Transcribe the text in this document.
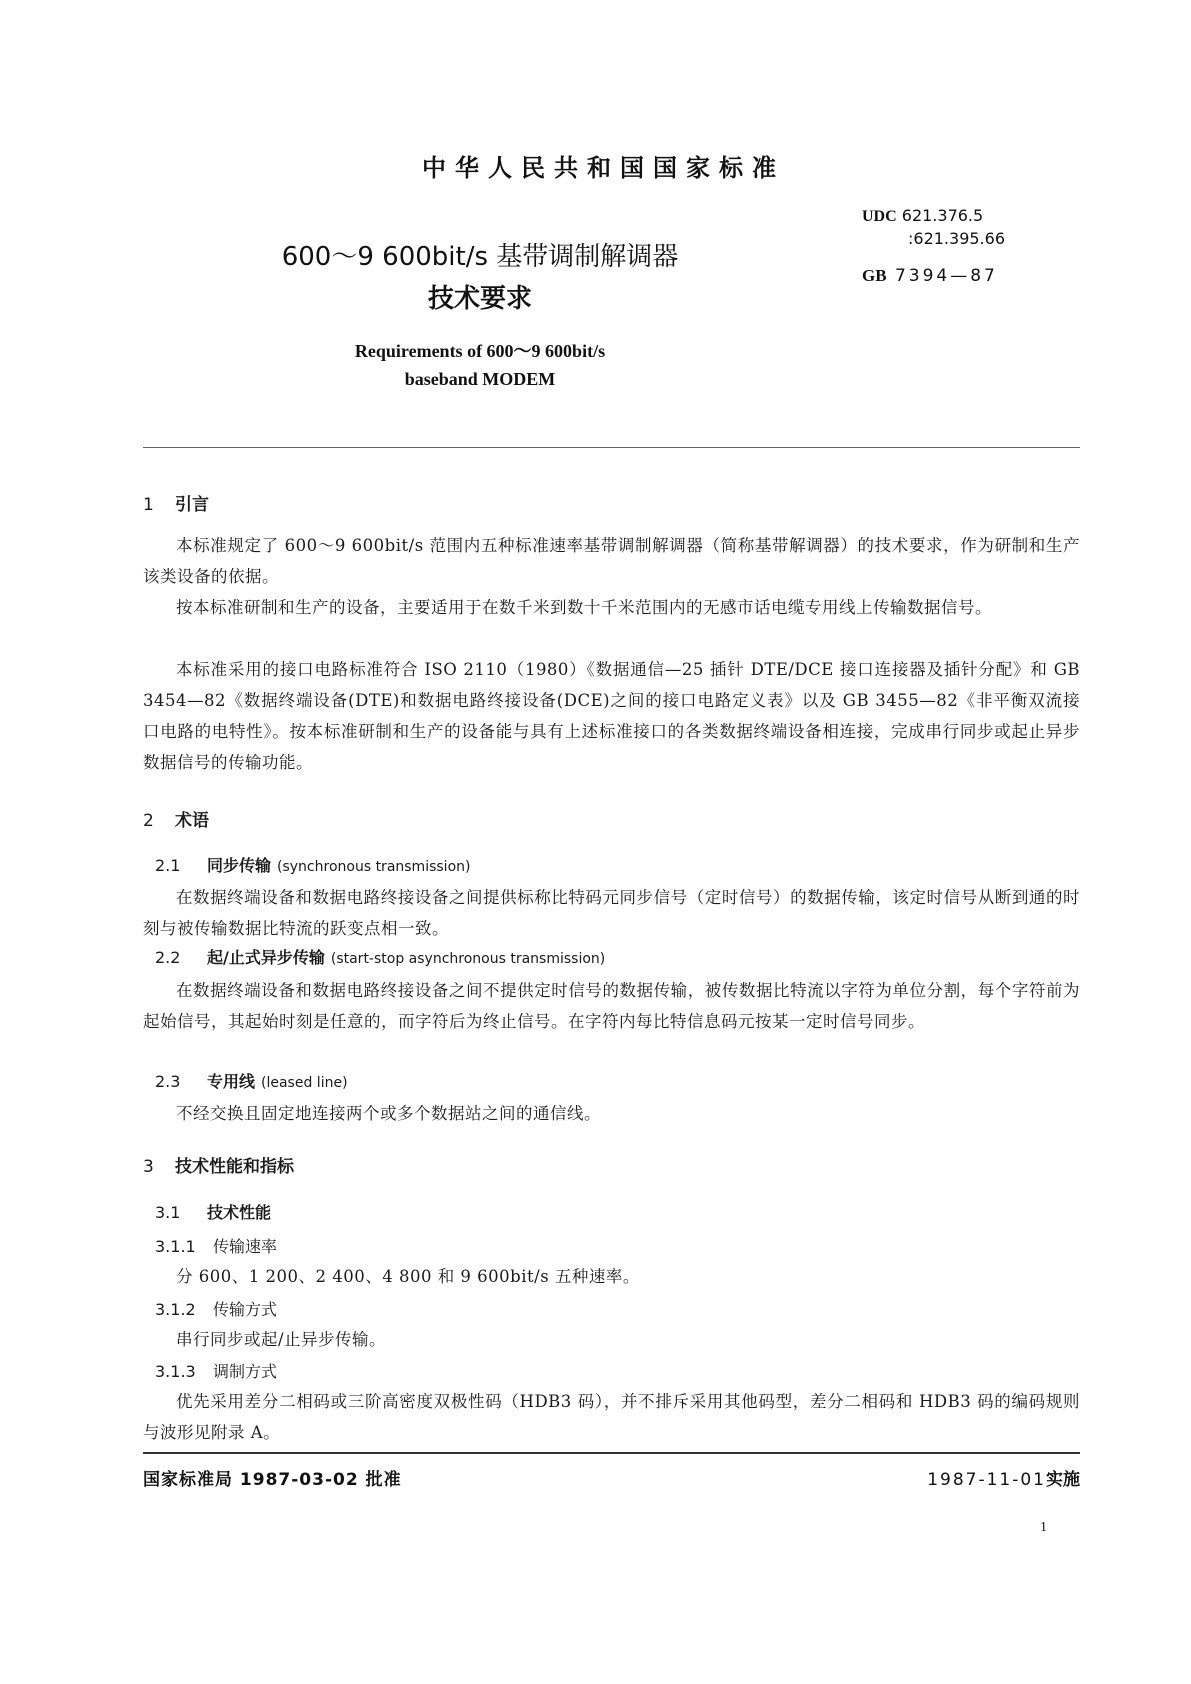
中华人民共和国国家标准
600～9 600bit/s 基带调制解调器
技术要求
Requirements of 600～9 600bit/s
baseband MODEM
UDC 621.376.5
:621.395.66
GB 7394—87
1 引言
本标准规定了 600～9 600bit/s 范围内五种标准速率基带调制解调器（简称基带解调器）的技术要求，作为研制和生产该类设备的依据。
按本标准研制和生产的设备，主要适用于在数千米到数十千米范围内的无感市话电缆专用线上传输数据信号。
本标准采用的接口电路标准符合 ISO 2110（1980）《数据通信—25 插针 DTE/DCE 接口连接器及插针分配》和 GB 3454—82《数据终端设备(DTE)和数据电路终接设备(DCE)之间的接口电路定义表》以及 GB 3455—82《非平衡双流接口电路的电特性》。按本标准研制和生产的设备能与具有上述标准接口的各类数据终端设备相连接，完成串行同步或起止异步数据信号的传输功能。
2 术语
2.1 同步传输 (synchronous transmission)
在数据终端设备和数据电路终接设备之间提供标称比特码元同步信号（定时信号）的数据传输，该定时信号从断到通的时刻与被传输数据比特流的跃变点相一致。
2.2 起/止式异步传输 (start-stop asynchronous transmission)
在数据终端设备和数据电路终接设备之间不提供定时信号的数据传输，被传数据比特流以字符为单位分割，每个字符前为起始信号，其起始时刻是任意的，而字符后为终止信号。在字符内每比特信息码元按某一定时信号同步。
2.3 专用线 (leased line)
不经交换且固定地连接两个或多个数据站之间的通信线。
3 技术性能和指标
3.1 技术性能
3.1.1 传输速率
分 600、1 200、2 400、4 800 和 9 600bit/s 五种速率。
3.1.2 传输方式
串行同步或起/止异步传输。
3.1.3 调制方式
优先采用差分二相码或三阶高密度双极性码（HDB3 码），并不排斥采用其他码型，差分二相码和 HDB3 码的编码规则与波形见附录 A。
国家标准局 1987-03-02 批准	1987-11-01实施
1
